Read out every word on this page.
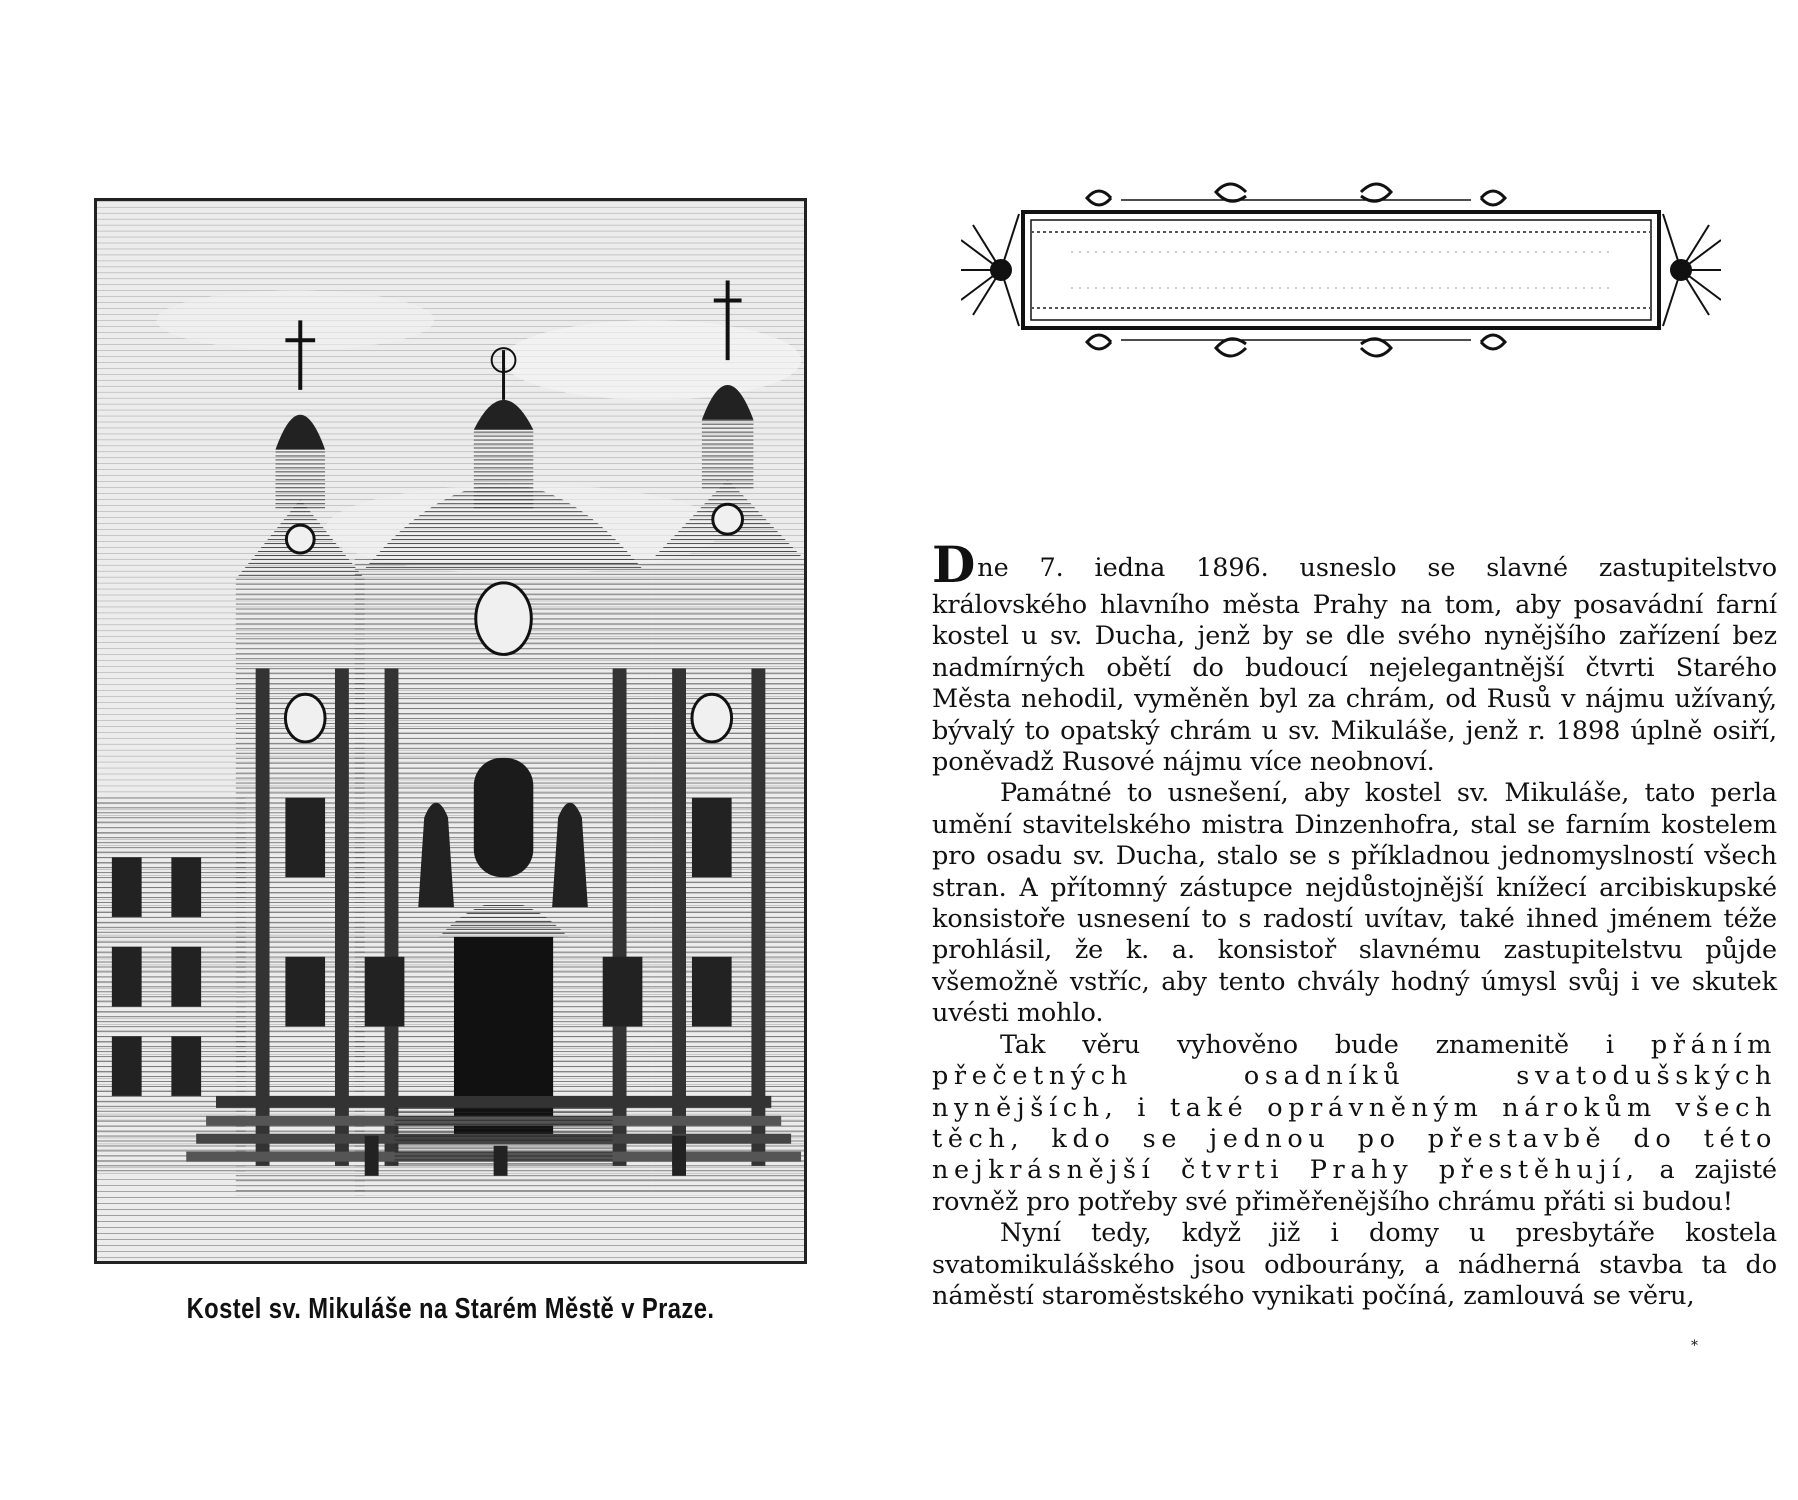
Kostel sv. Mikuláše na Starém Městě v Praze.

Dne 7. iedna 1896. usneslo se slavné zastupitelstvo královského hlavního města Prahy na tom, aby posavádní farní kostel u sv. Ducha, jenž by se dle svého nynějšího zařízení bez nadmírných obětí do budoucí nejelegantnější čtvrti Starého Města nehodil, vyměněn byl za chrám, od Rusů v nájmu užívaný, bývalý to opatský chrám u sv. Mikuláše, jenž r. 1898 úplně osiří, poněvadž Rusové nájmu více neobnoví.

Památné to usnešení, aby kostel sv. Mikuláše, tato perla umění stavitelského mistra Dinzenhofra, stal se farním kostelem pro osadu sv. Ducha, stalo se s příkladnou jednomyslností všech stran. A přítomný zástupce nejdůstojnější knížecí arcibiskupské konsistoře usnesení to s radostí uvítav, také ihned jménem téže prohlásil, že k. a. konsistoř slavnému zastupitelstvu půjde všemožně vstříc, aby tento chvály hodný úmysl svůj i ve skutek uvésti mohlo.

Tak věru vyhověno bude znamenitě i přáním přečetných osadníků svatodušských nynějších, i také oprávněným nárokům všech těch, kdo se jednou po přestavbě do této nejkrásnější čtvrti Prahy přestěhují, a zajisté rovněž pro potřeby své přiměřenějšího chrámu přáti si budou!

Nyní tedy, když již i domy u presbytáře kostela svatomikulášského jsou odbourány, a nádherná stavba ta do náměstí staroměstského vynikati počíná, zamlouvá se věru,

*
